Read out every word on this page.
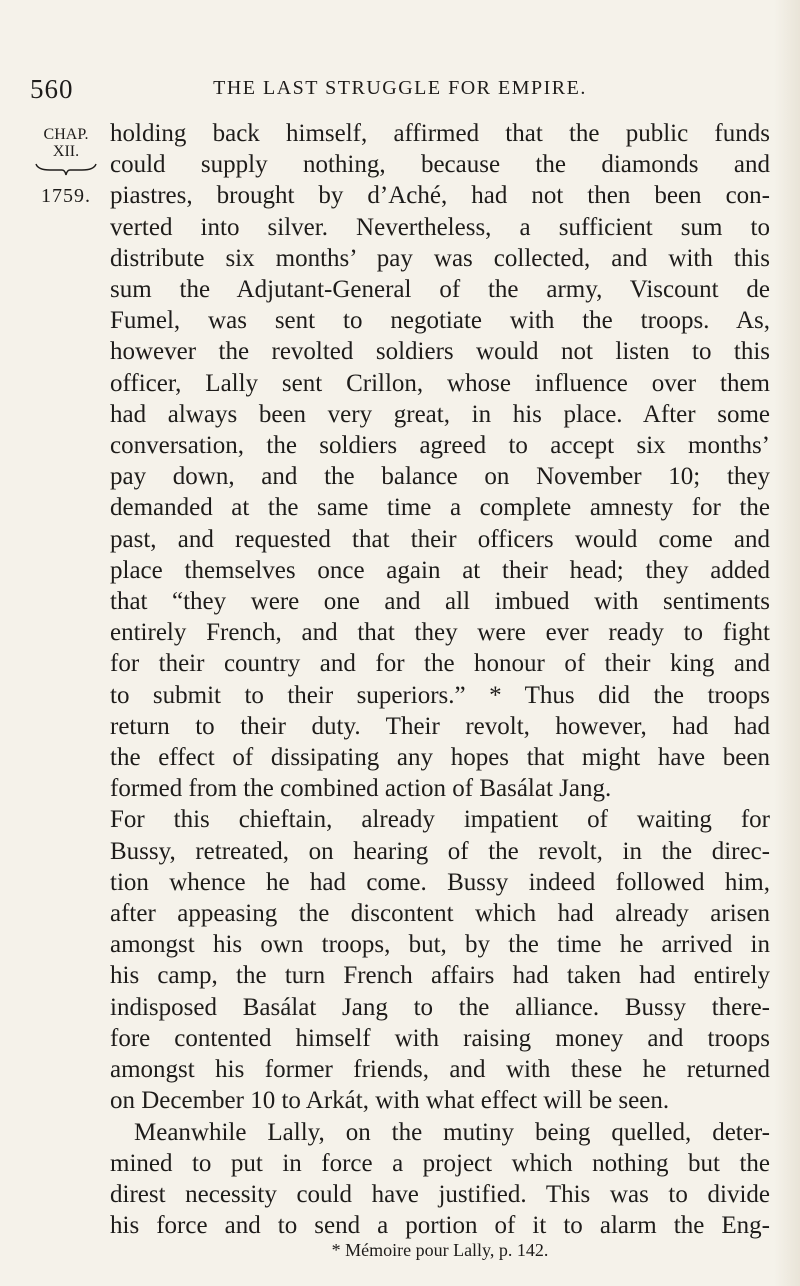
560	THE LAST STRUGGLE FOR EMPIRE.
CHAP.
XII.
1759.
holding back himself, affirmed that the public funds
could supply nothing, because the diamonds and
piastres, brought by d’Aché, had not then been con-
verted into silver. Nevertheless, a sufficient sum to
distribute six months’ pay was collected, and with this
sum the Adjutant-General of the army, Viscount de
Fumel, was sent to negotiate with the troops. As,
however the revolted soldiers would not listen to this
officer, Lally sent Crillon, whose influence over them
had always been very great, in his place. After some
conversation, the soldiers agreed to accept six months’
pay down, and the balance on November 10; they
demanded at the same time a complete amnesty for the
past, and requested that their officers would come and
place themselves once again at their head; they added
that “they were one and all imbued with sentiments
entirely French, and that they were ever ready to fight
for their country and for the honour of their king and
to submit to their superiors.” * Thus did the troops
return to their duty. Their revolt, however, had had
the effect of dissipating any hopes that might have been
formed from the combined action of Basálat Jang.
For this chieftain, already impatient of waiting for
Bussy, retreated, on hearing of the revolt, in the direc-
tion whence he had come. Bussy indeed followed him,
after appeasing the discontent which had already arisen
amongst his own troops, but, by the time he arrived in
his camp, the turn French affairs had taken had entirely
indisposed Basálat Jang to the alliance. Bussy there-
fore contented himself with raising money and troops
amongst his former friends, and with these he returned
on December 10 to Arkát, with what effect will be seen.
Meanwhile Lally, on the mutiny being quelled, deter-
mined to put in force a project which nothing but the
direst necessity could have justified. This was to divide
his force and to send a portion of it to alarm the Eng-
* Mémoire pour Lally, p. 142.
